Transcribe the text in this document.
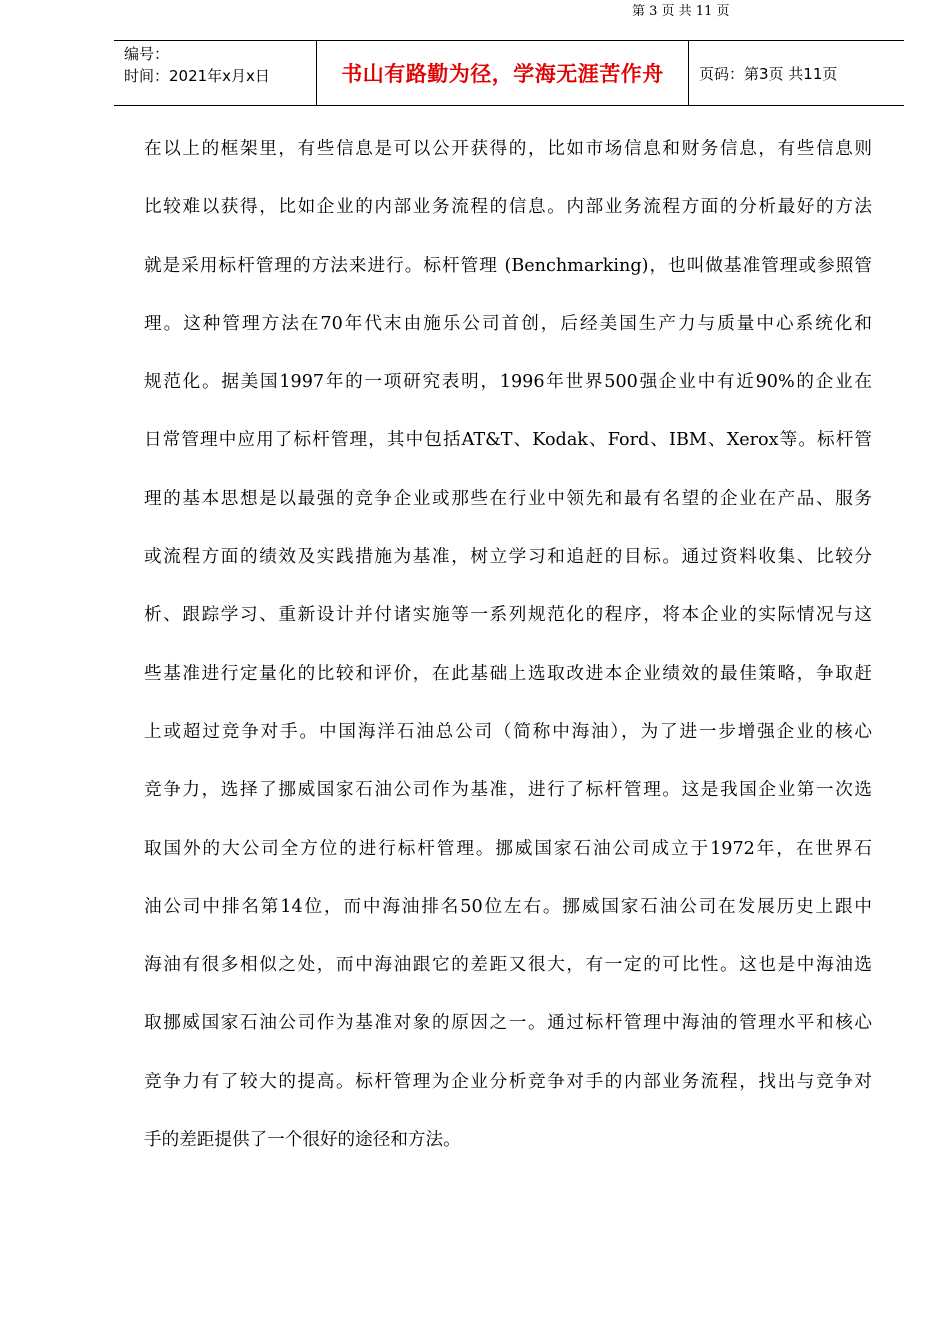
编号：
时间：2021年x月x日	书山有路勤为径，学海无涯苦作舟 页码：第3页 共11页
在以上的框架里，有些信息是可以公开获得的，比如市场信息和财务信息，有些信息则
比较难以获得，比如企业的内部业务流程的信息。内部业务流程方面的分析最好的方法
就是采用标杆管理的方法来进行。标杆管理 (Benchmarking)，也叫做基准管理或参照管
理。这种管理方法在70年代末由施乐公司首创，后经美国生产力与质量中心系统化和
规范化。据美国1997年的一项研究表明，1996年世界500强企业中有近90%的企业在
日常管理中应用了标杆管理，其中包括AT&T、Kodak、Ford、IBM、Xerox等。标杆管
理的基本思想是以最强的竞争企业或那些在行业中领先和最有名望的企业在产品、服务
或流程方面的绩效及实践措施为基准，树立学习和追赶的目标。通过资料收集、比较分
析、跟踪学习、重新设计并付诸实施等一系列规范化的程序，将本企业的实际情况与这
些基准进行定量化的比较和评价，在此基础上选取改进本企业绩效的最佳策略，争取赶
上或超过竞争对手。中国海洋石油总公司（简称中海油），为了进一步增强企业的核心
竞争力，选择了挪威国家石油公司作为基准，进行了标杆管理。这是我国企业第一次选
取国外的大公司全方位的进行标杆管理。挪威国家石油公司成立于1972年，在世界石
油公司中排名第14位，而中海油排名50位左右。挪威国家石油公司在发展历史上跟中
海油有很多相似之处，而中海油跟它的差距又很大，有一定的可比性。这也是中海油选
取挪威国家石油公司作为基准对象的原因之一。通过标杆管理中海油的管理水平和核心
竞争力有了较大的提高。标杆管理为企业分析竞争对手的内部业务流程，找出与竞争对
手的差距提供了一个很好的途径和方法。
第 3 页 共 11 页
